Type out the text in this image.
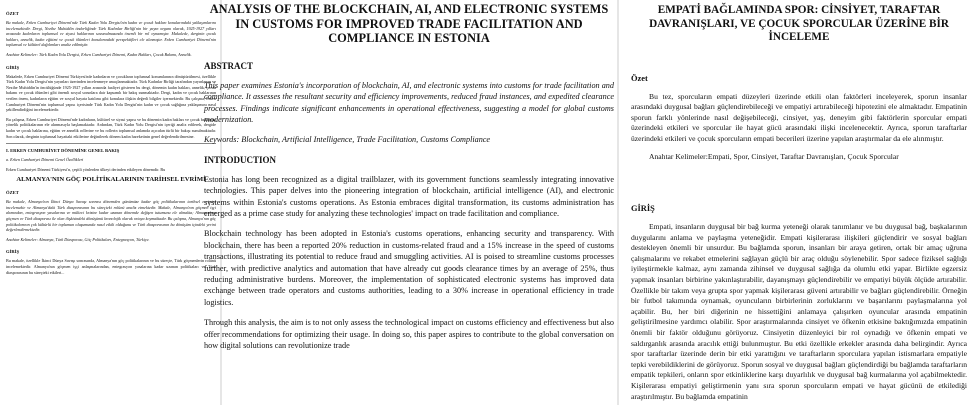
ÖZET
Bu makale, Erken Cumhuriyet Dönemi'nde Türk Kadın Yolu Dergisi'nin kadın ve çocuk hakları konularındaki yaklaşımlarını incelemektedir. Dergi, Nezihe Muhiddin önderliğinde Türk Kadınlar Birliği'nin bir yayın organı olarak, 1925-1927 yılları arasında kadınların toplumsal ve siyasi haklarının savunulmasında önemli bir rol oynamıştır. Makalede, derginin çocuk hakları, annelik, kadın eğitimi ve çocuk ölümleri konularındaki perspektifleri ele alınmıştır. Erken Cumhuriyet Dönemi'nin toplumsal ve kültürel dağılımları analiz edilmiştir.
Anahtar Kelimeler: Türk Kadın Yolu Dergisi, Erken Cumhuriyet Dönemi, Kadın Hakları, Çocuk Bakımı, Annelik.
GİRİŞ
Makalede, Erken Cumhuriyet Dönemi Türkiyesi'nde kadınların ve çocukların toplumsal konumlarının dönüştürülmesi, özellikle Türk Kadın Yolu Dergisi'nin yayınları üzerinden incelenmeye amaçlanmaktadır. Türk Kadınlar Birliği tarafından yayınlanan ve Nezihe Muhiddin'in öncülüğünde 1925-1927 yılları arasında faaliyet gösteren bu dergi, dönemin kadın hakları, annelik, çocuk bakımı ve çocuk ölümleri gibi önemli sosyal sorunlara dair kapsamlı bir bakış sunmaktadır. Dergi, kadın ve çocuk haklarının verilen önem, kadınların eğitim ve sosyal hayata katılımı gibi konulara ilişkin değerli bilgiler içermektedir. Bu çalışma, Erken Cumhuriyet Dönemi'nin toplumsal yapısı içerisinde Türk Kadın Yolu Dergisi'nin kadın ve çocuk sağlığına yaklaşımını nasıl şekillendirdiğini incelemektedir.
Bu çalışma, Erken Cumhuriyet Dönemi'nde kadınların, kültürel ve siyasi yapısı ve bu dönemin kadın hakları ve çocuk bakımına yönelik politikalarının ele alınmasıyla başlamaktadır. Ardından, Türk Kadın Yolu Dergisi'nin içeriği analiz edilerek, dergide kadın ve çocuk haklarına, eğitim ve annelik rollerine ve bu rollerin toplumsal anlamda açıcıdan türlü bir bakışı sunulmaktadır. Son olarak, derginin toplumsal hayattaki etkilerine değinilerek dönem kadın hareketinin genel değerlendirilmesine.
I. ERKEN CUMHURİYET DÖNEMİNE GENEL BAKIŞ
a. Erken Cumhuriyet Dönemi Genel Özellikleri
Erken Cumhuriyet Dönemi Türkiyesi'n, çeşitli yönlerden ülkeyi derinden etkileyen dönemdir. Bu
ALMANYA'NIN GÖÇ POLİTİKALARININ TARİHSEL EVRİMİ
ÖZET
Bu makale, Almanya'nın İkinci Dünya Savaşı sonrası dönemden günümüze kadar göç politikalarının tarihsel evrimini incelemekte ve Almanya'daki Türk diasporasının bu süreçteki rolünü analiz etmektedir. Makale, Almanya'nın göçmen işçi alımından, entegrasyon yasalarına ve mülteci krizine kadar uzanan dönemde değişen tutumunu ele almakta; Almanya'nın göçmen ve Türk diasporası ile olan ilişkisindeki dönüşümü kronolojik olarak ortaya koymaktadır. Bu çalışma, Almanya'nın göç politikalarının çok kültürlü bir toplumun oluşumunda nasıl etkili olduğunu ve Türk diasporasının bu dönüşüm içindeki yerini değerlendirmektedir.
Anahtar Kelimeler: Almanya, Türk Diasporası, Göç Politikaları, Entegrasyon, Türkiye.
GİRİŞ
Bu makale, özellikle İkinci Dünya Savaşı sonrasında, Almanya'nın göç politikalarının ve bu süreçte, Türk göçmenlerin rolünü incelemektedir. Almanya'nın göçmen işçi anlaşmalarından, entegrasyon yasalarına kadar uzanan politikaları ve Türk diasporasının bu süreçteki etkileri...
ANALYSIS OF THE BLOCKCHAIN, AI, AND ELECTRONIC SYSTEMS IN CUSTOMS FOR IMPROVED TRADE FACILITATION AND COMPLIANCE IN ESTONIA
ABSTRACT
This paper examines Estonia's incorporation of blockchain, AI, and electronic systems into customs for trade facilitation and compliance. It assesses the resultant security and efficiency improvements, reduced fraud instances, and expedited clearance processes. Findings indicate significant enhancements in operational effectiveness, suggesting a model for global customs modernization.
Keywords: Blockchain, Artificial Intelligence, Trade Facilitation, Customs Compliance
INTRODUCTION
Estonia has long been recognized as a digital trailblazer, with its government functions seamlessly integrating innovative technologies. This paper delves into the pioneering integration of blockchain, artificial intelligence (AI), and electronic systems within Estonia's customs operations. As Estonia embraces digital transformation, its customs administration has emerged as a prime case study for analyzing these technologies' impact on trade facilitation and compliance.
Blockchain technology has been adopted in Estonia's customs operations, enhancing security and transparency. With blockchain, there has been a reported 20% reduction in customs-related fraud and a 15% increase in the speed of customs transactions, illustrating its potential to reduce fraud and smuggling activities. AI is poised to streamline customs processes further, with predictive analytics and automation that have already cut goods clearance times by an average of 25%, thus reducing administrative burdens. Moreover, the implementation of sophisticated electronic systems has improved data exchange between trade operators and customs authorities, leading to a 30% increase in operational efficiency in trade logistics.
Through this analysis, the aim is to not only assess the technological impact on customs efficiency and effectiveness but also offer recommendations for optimizing their usage. In doing so, this paper aspires to contribute to the global conversation on how digital solutions can revolutionize trade
EMPATİ BAĞLAMINDA SPOR: CİNSİYET, TARAFTAR DAVRANIŞLARI, VE ÇOCUK SPORCULAR ÜZERİNE BİR İNCELEME
Özet
Bu tez, sporcuların empati düzeyleri üzerinde etkili olan faktörleri inceleyerek, sporun insanlar arasındaki duygusal bağları güçlendirebileceği ve empatiyi artırabileceği hipotezini ele almaktadır. Empatinin sporun farklı yönlerinde nasıl değişebileceği, cinsiyet, yaş, deneyim gibi faktörlerin sporcular empati üzerindeki etkileri ve sporcular ile hayat gücü arasındaki ilişki incelenecektir. Ayrıca, sporun taraftarlar üzerindeki etkileri ve çocuk sporcuların empati becerileri üzerine yapılan araştırmalar da ele alınmıştır.
Anahtar Kelimeler:Empati, Spor, Cinsiyet, Taraftar Davranışları, Çocuk Sporcular
GİRİŞ
Empati, insanların duygusal bir bağ kurma yeteneği olarak tanımlanır ve bu duygusal bağ, başkalarının duygularını anlama ve paylaşma yeteneğidir. Empati kişilerarası ilişkileri güçlendirir ve sosyal bağları destekleyen önemli bir unsurdur. Bu bağlamda sporun, insanları bir araya getiren, ortak bir amaç uğruna çalışmalarını ve rekabet etmelerini sağlayan güçlü bir araç olduğu söylenebilir. Spor sadece fiziksel sağlığı iyileştirmekle kalmaz, aynı zamanda zihinsel ve duygusal sağlığa da olumlu etki yapar. Birlikte egzersiz yapmak insanları birbirine yakınlaştırabilir, dayanışmayı güçlendirebilir ve empatiyi büyük ölçüde artırabilir. Özellikle bir takım veya grupta spor yapmak kişilerarası güveni artırabilir ve bağları güçlendirebilir. Örneğin bir futbol takımında oynamak, oyuncuların birbirlerinin zorluklarını ve başarılarını paylaşmalarına yol açabilir. Bu, her biri diğerinin ne hissettiğini anlamaya çalışırken oyuncular arasında empatinin geliştirilmesine yardımcı olabilir. Spor araştırmalarında cinsiyet ve öfkenin etkisine baktığımızda empatinin önemli bir faktör olduğunu görüyoruz. Cinsiyetin düzenleyici bir rol oynadığı ve öfkenin empati ve saldırganlık arasında aracılık ettiği bulunmuştur. Bu etki özellikle erkekler arasında daha belirgindir. Ayrıca spor taraftarlar üzerinde derin bir etki yarattığını ve taraftarların sporculara yapılan istismarlara empatiyle tepki verebildiklerini de görüyoruz. Sporun sosyal ve duygusal bağları güçlendirdiği bu bağlamda taraftarların empatik tepkileri, onların spor etkinliklerine karşı duyarlılık ve duygusal bağ kurmalarına yol açabilmektedir. Kişilerarası empatiyi geliştirmenin yanı sıra sporun sporcuların empati ve hayat gücünü de etkilediği araştırılmıştır. Bu bağlamda empatinin
